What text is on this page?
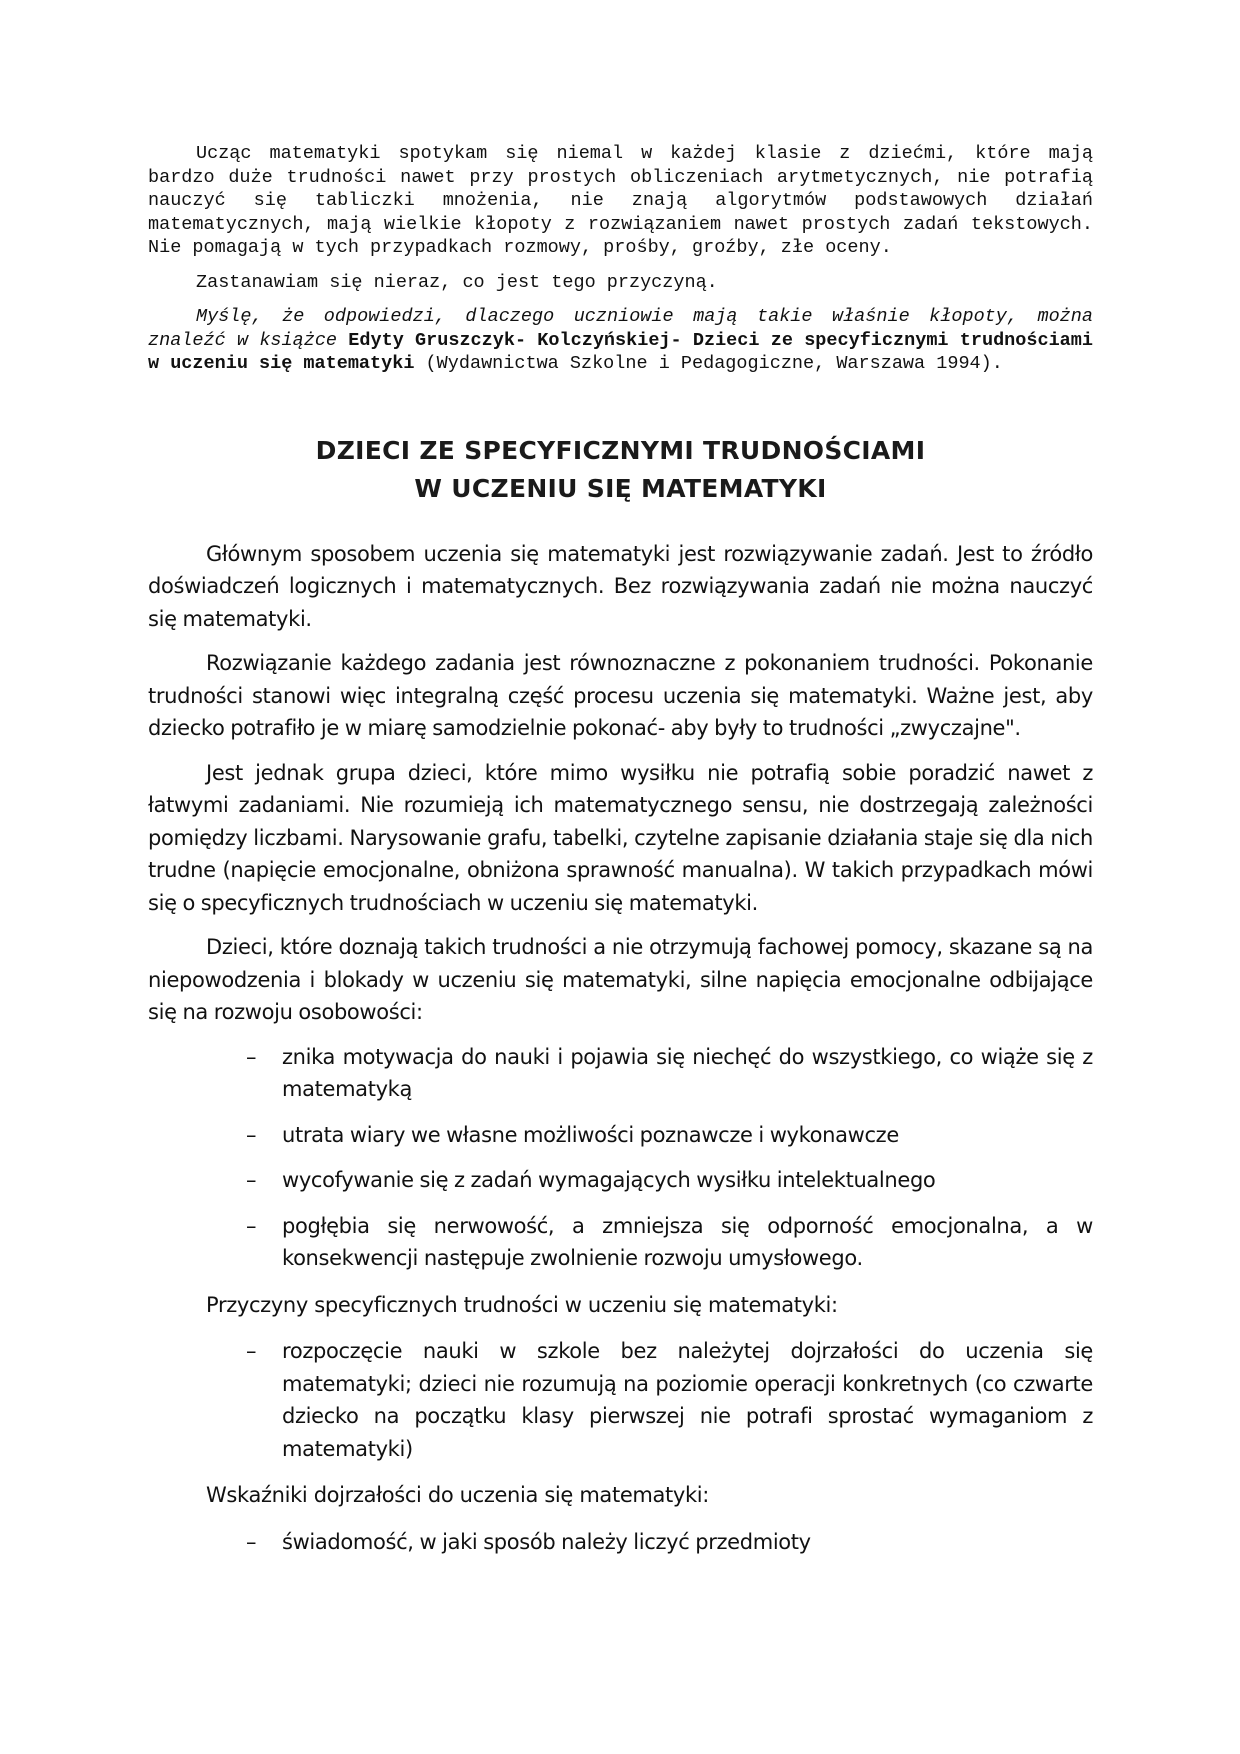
Ucząc matematyki spotykam się niemal w każdej klasie z dziećmi, które mają bardzo duże trudności nawet przy prostych obliczeniach arytmetycznych, nie potrafią nauczyć się tabliczki mnożenia, nie znają algorytmów podstawowych działań matematycznych, mają wielkie kłopoty z rozwiązaniem nawet prostych zadań tekstowych. Nie pomagają w tych przypadkach rozmowy, prośby, groźby, złe oceny.

Zastanawiam się nieraz, co jest tego przyczyną.

Myślę, że odpowiedzi, dlaczego uczniowie mają takie właśnie kłopoty, można znaleźć w książce Edyty Gruszczyk- Kolczyńskiej- Dzieci ze specyficznymi trudnościami w uczeniu się matematyki (Wydawnictwa Szkolne i Pedagogiczne, Warszawa 1994).

DZIECI ZE SPECYFICZNYMI TRUDNOŚCIAMI
W UCZENIU SIĘ MATEMATYKI

Głównym sposobem uczenia się matematyki jest rozwiązywanie zadań. Jest to źródło doświadczeń logicznych i matematycznych. Bez rozwiązywania zadań nie można nauczyć się matematyki.

Rozwiązanie każdego zadania jest równoznaczne z pokonaniem trudności. Pokonanie trudności stanowi więc integralną część procesu uczenia się matematyki. Ważne jest, aby dziecko potrafiło je w miarę samodzielnie pokonać- aby były to trudności „zwyczajne".

Jest jednak grupa dzieci, które mimo wysiłku nie potrafią sobie poradzić nawet z łatwymi zadaniami. Nie rozumieją ich matematycznego sensu, nie dostrzegają zależności pomiędzy liczbami. Narysowanie grafu, tabelki, czytelne zapisanie działania staje się dla nich trudne (napięcie emocjonalne, obniżona sprawność manualna). W takich przypadkach mówi się o specyficznych trudnościach w uczeniu się matematyki.

Dzieci, które doznają takich trudności a nie otrzymują fachowej pomocy, skazane są na niepowodzenia i blokady w uczeniu się matematyki, silne napięcia emocjonalne odbijające się na rozwoju osobowości:

– znika motywacja do nauki i pojawia się niechęć do wszystkiego, co wiąże się z matematyką
– utrata wiary we własne możliwości poznawcze i wykonawcze
– wycofywanie się z zadań wymagających wysiłku intelektualnego
– pogłębia się nerwowość, a zmniejsza się odporność emocjonalna, a w konsekwencji następuje zwolnienie rozwoju umysłowego.

Przyczyny specyficznych trudności w uczeniu się matematyki:

– rozpoczęcie nauki w szkole bez należytej dojrzałości do uczenia się matematyki; dzieci nie rozumują na poziomie operacji konkretnych (co czwarte dziecko na początku klasy pierwszej nie potrafi sprostać wymaganiom z matematyki)

Wskaźniki dojrzałości do uczenia się matematyki:

– świadomość, w jaki sposób należy liczyć przedmioty
